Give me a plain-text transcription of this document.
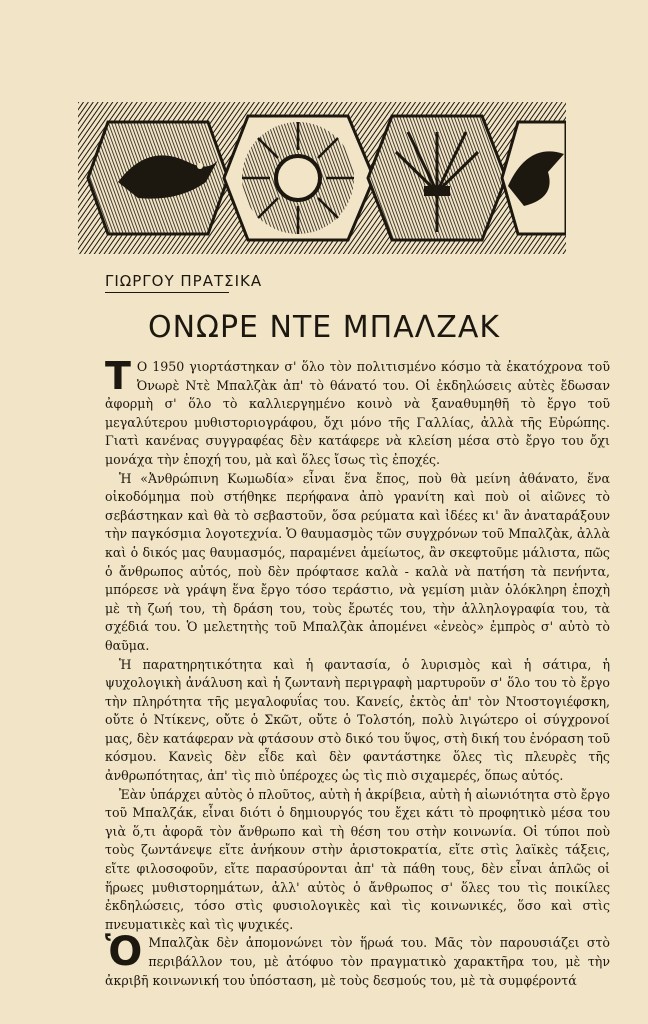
ΓΙΩΡΓΟΥ ΠΡΑΤΣΙΚΑ
ΟΝΩΡΕ ΝΤΕ ΜΠΑΛΖΑΚ

Τ Ο 1950 γιορτάστηκαν σ' ὅλο τὸν πολιτισμένο κόσμο τὰ ἑκατόχρονα τοῦ Ὀνωρὲ Ντὲ Μπαλζὰκ ἀπ' τὸ θάνατό του. Οἱ ἐκδηλώσεις αὐτὲς ἔδωσαν ἀφορμὴ σ' ὅλο τὸ καλλιεργημένο κοινὸ νὰ ξαναθυμηθῆ τὸ ἔργο τοῦ μεγαλύτερου μυθιστοριογράφου, ὄχι μόνο τῆς Γαλλίας, ἀλλὰ τῆς Εὐρώπης. Γιατὶ κανένας συγγραφέας δὲν κατάφερε νὰ κλείση μέσα στὸ ἔργο του ὄχι μονάχα τὴν ἐποχή του, μὰ καὶ ὅλες ἴσως τὶς ἐποχές.

Ἡ «Ἀνθρώπινη Κωμωδία» εἶναι ἕνα ἔπος, ποὺ θὰ μείνη ἀθάνατο, ἕνα οἰκοδόμημα ποὺ στήθηκε περήφανα ἀπὸ γρανίτη καὶ ποὺ οἱ αἰῶνες τὸ σεβάστηκαν καὶ θὰ τὸ σεβαστοῦν, ὅσα ρεύματα καὶ ἰδέες κι' ἂν ἀναταράξουν τὴν παγκόσμια λογοτεχνία. Ὁ θαυμασμὸς τῶν συγχρόνων τοῦ Μπαλζὰκ, ἀλλὰ καὶ ὁ δικός μας θαυμασμός, παραμένει ἀμείωτος, ἂν σκεφτοῦμε μάλιστα, πῶς ὁ ἄνθρωπος αὐτός, ποὺ δὲν πρόφτασε καλὰ - καλὰ νὰ πατήση τὰ πενήντα, μπόρεσε νὰ γράψη ἕνα ἔργο τόσο τεράστιο, νὰ γεμίση μιὰν ὁλόκληρη ἐποχὴ μὲ τὴ ζωή του, τὴ δράση του, τοὺς ἔρωτές του, τὴν ἀλληλογραφία του, τὰ σχέδιά του. Ὁ μελετητὴς τοῦ Μπαλζὰκ ἀπομένει «ἐνεὸς» ἐμπρὸς σ' αὐτὸ τὸ θαῦμα.

Ἡ παρατηρητικότητα καὶ ἡ φαντασία, ὁ λυρισμὸς καὶ ἡ σάτιρα, ἡ ψυχολογικὴ ἀνάλυση καὶ ἡ ζωντανὴ περιγραφὴ μαρτυροῦν σ' ὅλο του τὸ ἔργο τὴν πληρότητα τῆς μεγαλοφυΐας του. Κανείς, ἐκτὸς ἀπ' τὸν Ντοστογιέφσκη, οὔτε ὁ Ντίκενς, οὔτε ὁ Σκῶτ, οὔτε ὁ Τολστόη, πολὺ λιγώτερο οἱ σύγχρονοί μας, δὲν κατάφεραν νὰ φτάσουν στὸ δικό του ὕψος, στὴ δική του ἐνόραση τοῦ κόσμου. Κανεὶς δὲν εἶδε καὶ δὲν φαντάστηκε ὅλες τὶς πλευρὲς τῆς ἀνθρωπότητας, ἀπ' τὶς πιὸ ὑπέροχες ὡς τὶς πιὸ σιχαμερές, ὅπως αὐτός.

Ἐὰν ὑπάρχει αὐτὸς ὁ πλοῦτος, αὐτὴ ἡ ἀκρίβεια, αὐτὴ ἡ αἰωνιότητα στὸ ἔργο τοῦ Μπαλζάκ, εἶναι διότι ὁ δημιουργός του ἔχει κάτι τὸ προφητικὸ μέσα του γιὰ ὅ,τι ἀφορᾶ τὸν ἄνθρωπο καὶ τὴ θέση του στὴν κοινωνία. Οἱ τύποι ποὺ τοὺς ζωντάνεψε εἴτε ἀνήκουν στὴν ἀριστοκρατία, εἴτε στὶς λαϊκὲς τάξεις, εἴτε φιλοσοφοῦν, εἴτε παρασύρονται ἀπ' τὰ πάθη τους, δὲν εἶναι ἁπλῶς οἱ ἥρωες μυθιστορημάτων, ἀλλ' αὐτὸς ὁ ἄνθρωπος σ' ὅλες του τὶς ποικίλες ἐκδηλώσεις, τόσο στὶς φυσιολογικὲς καὶ τὶς κοινωνικές, ὅσο καὶ στὶς πνευματικὲς καὶ τὶς ψυχικές.

Ὁ Μπαλζὰκ δὲν ἀπομονώνει τὸν ἥρωά του. Μᾶς τὸν παρουσιάζει στὸ περιβάλλον του, μὲ ἀτόφυο τὸν πραγματικὸ χαρακτῆρα του, μὲ τὴν ἀκριβῆ κοινωνική του ὑπόσταση, μὲ τοὺς δεσμούς του, μὲ τὰ συμφέροντά
